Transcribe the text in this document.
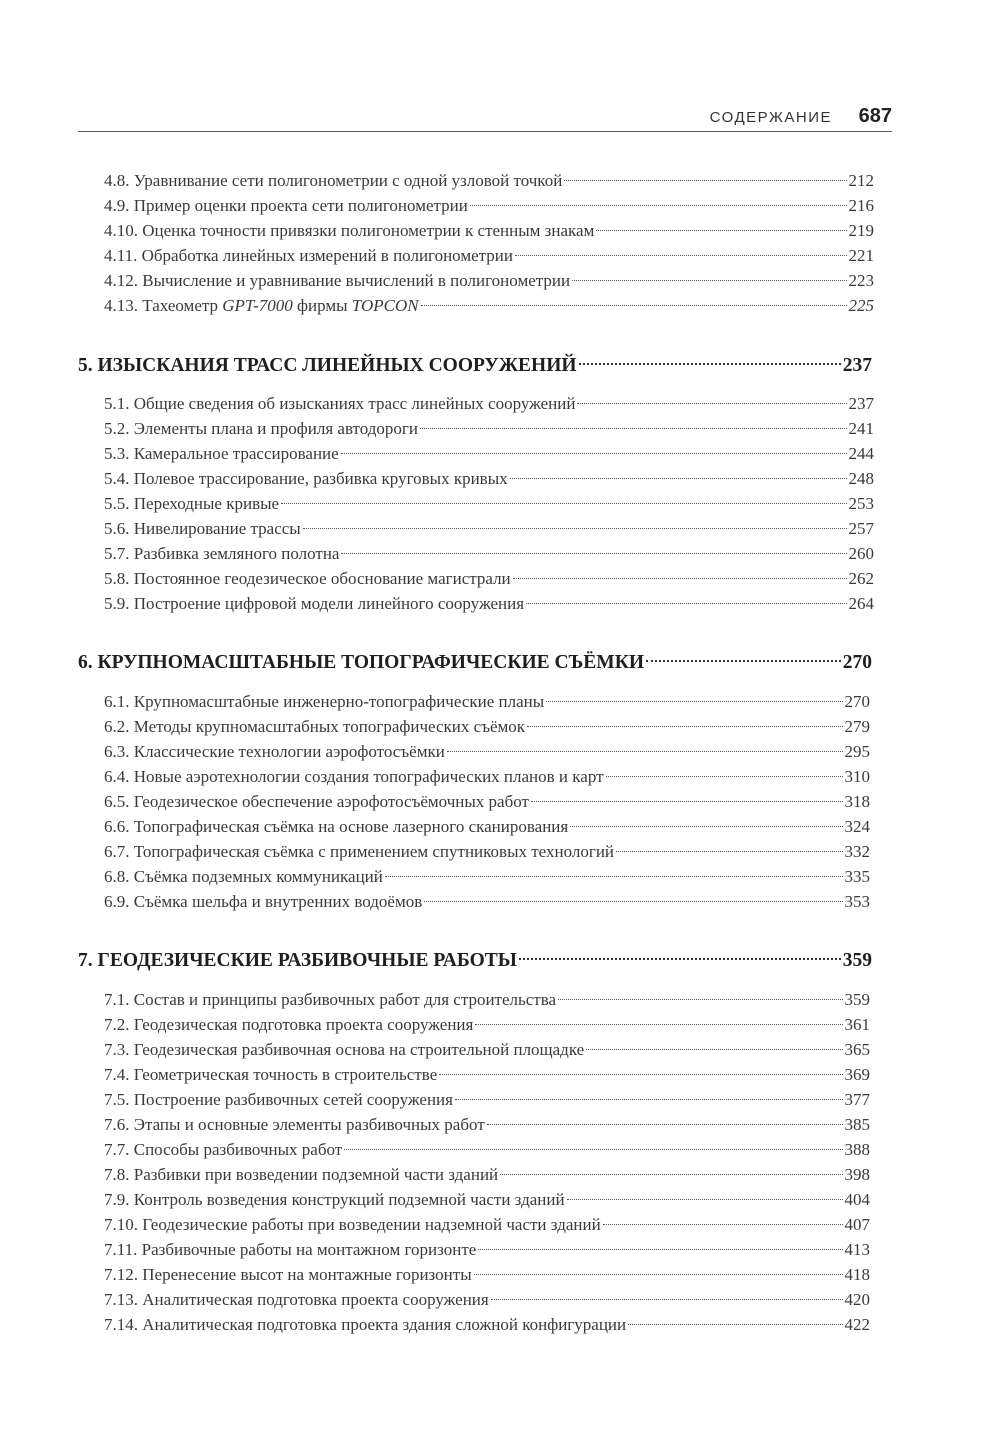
СОДЕРЖАНИЕ 687
4.8. Уравнивание сети полигонометрии с одной узловой точкой	212
4.9. Пример оценки проекта сети полигонометрии	216
4.10. Оценка точности привязки полигонометрии к стенным знакам	219
4.11. Обработка линейных измерений в полигонометрии	221
4.12. Вычисление и уравнивание вычислений в полигонометрии	223
4.13. Тахеометр GPT-7000 фирмы TOPCON	225
5. ИЗЫСКАНИЯ ТРАСС ЛИНЕЙНЫХ СООРУЖЕНИЙ	237
5.1. Общие сведения об изысканиях трасс линейных сооружений	237
5.2. Элементы плана и профиля автодороги	241
5.3. Камеральное трассирование	244
5.4. Полевое трассирование, разбивка круговых кривых	248
5.5. Переходные кривые	253
5.6. Нивелирование трассы	257
5.7. Разбивка земляного полотна	260
5.8. Постоянное геодезическое обоснование магистрали	262
5.9. Построение цифровой модели линейного сооружения	264
6. КРУПНОМАСШТАБНЫЕ ТОПОГРАФИЧЕСКИЕ СЪЁМКИ	270
6.1. Крупномасштабные инженерно-топографические планы	270
6.2. Методы крупномасштабных топографических съёмок	279
6.3. Классические технологии аэрофотосъёмки	295
6.4. Новые аэротехнологии создания топографических планов и карт	310
6.5. Геодезическое обеспечение аэрофотосъёмочных работ	318
6.6. Топографическая съёмка на основе лазерного сканирования	324
6.7. Топографическая съёмка с применением спутниковых технологий	332
6.8. Съёмка подземных коммуникаций	335
6.9. Съёмка шельфа и внутренних водоёмов	353
7. ГЕОДЕЗИЧЕСКИЕ РАЗБИВОЧНЫЕ РАБОТЫ	359
7.1. Состав и принципы разбивочных работ для строительства	359
7.2. Геодезическая подготовка проекта сооружения	361
7.3. Геодезическая разбивочная основа на строительной площадке	365
7.4. Геометрическая точность в строительстве	369
7.5. Построение разбивочных сетей сооружения	377
7.6. Этапы и основные элементы разбивочных работ	385
7.7. Способы разбивочных работ	388
7.8. Разбивки при возведении подземной части зданий	398
7.9. Контроль возведения конструкций подземной части зданий	404
7.10. Геодезические работы при возведении надземной части зданий	407
7.11. Разбивочные работы на монтажном горизонте	413
7.12. Перенесение высот на монтажные горизонты	418
7.13. Аналитическая подготовка проекта сооружения	420
7.14. Аналитическая подготовка проекта здания сложной конфигурации	422
